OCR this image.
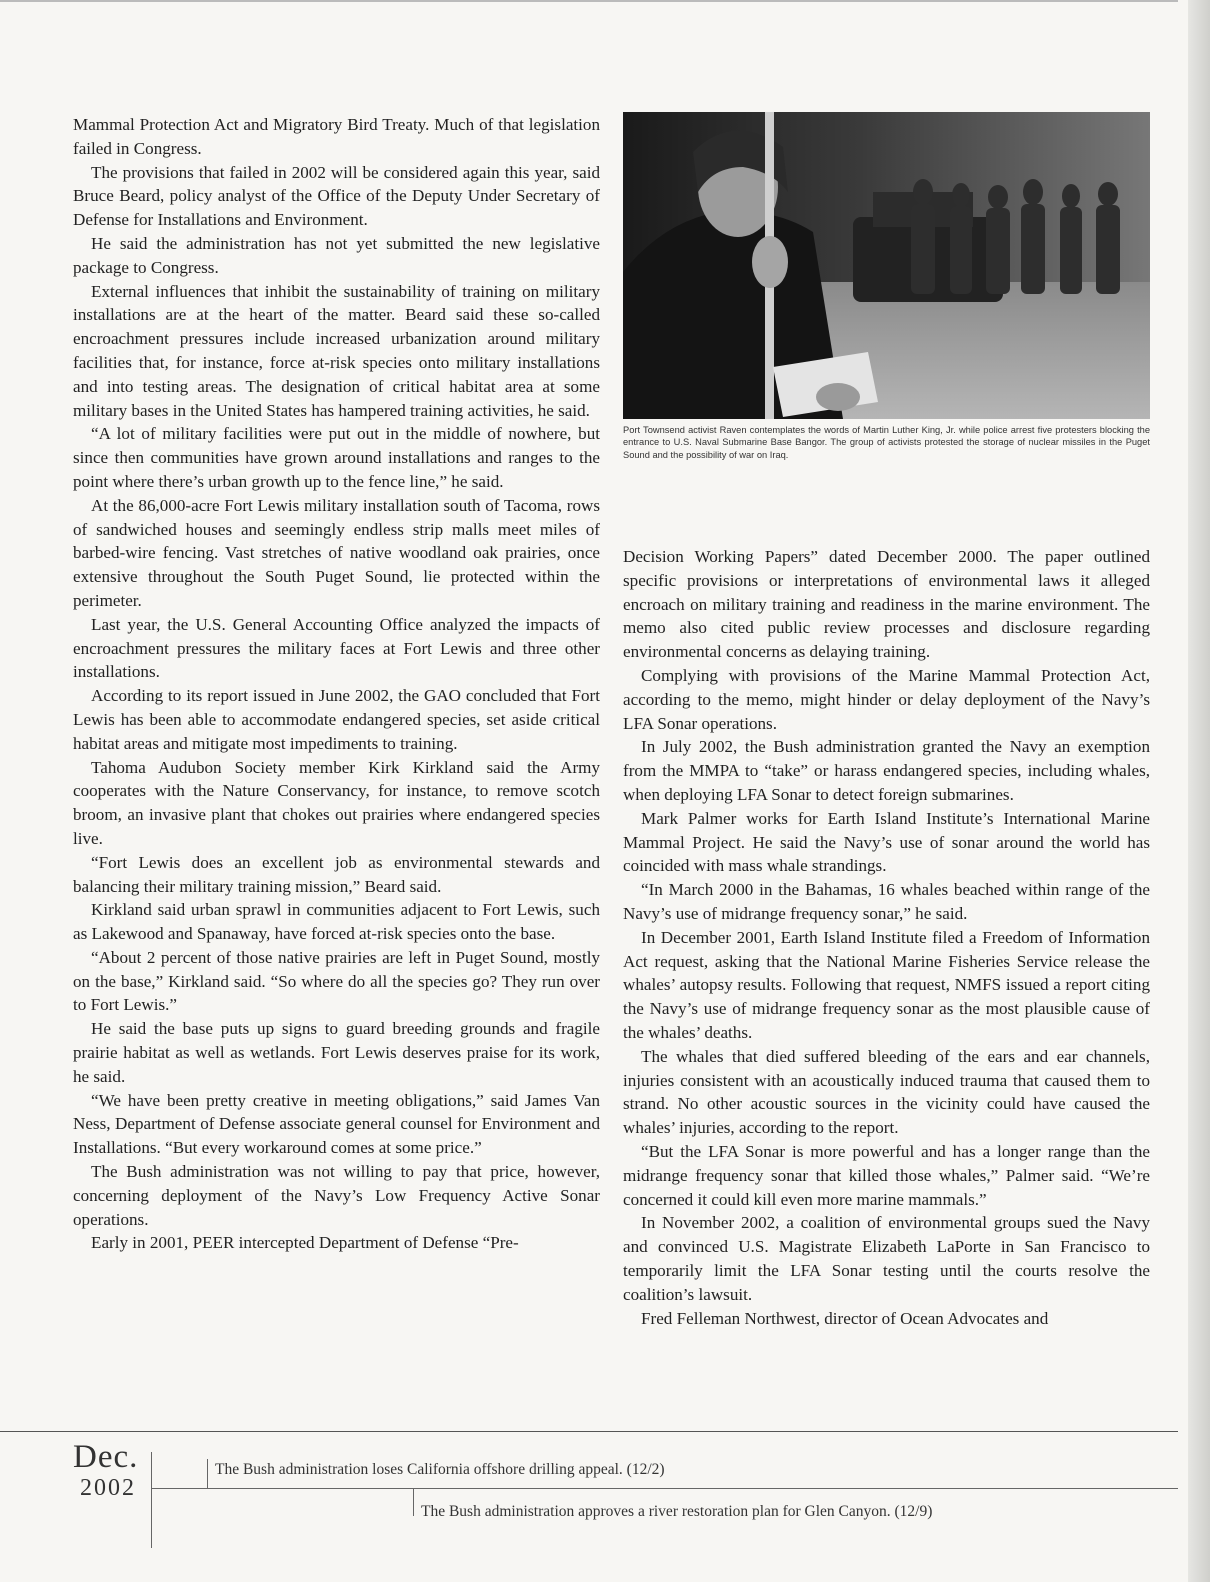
Mammal Protection Act and Migratory Bird Treaty. Much of that legislation failed in Congress.

The provisions that failed in 2002 will be considered again this year, said Bruce Beard, policy analyst of the Office of the Deputy Under Secretary of Defense for Installations and Environment.

He said the administration has not yet submitted the new legislative package to Congress.

External influences that inhibit the sustainability of training on military installations are at the heart of the matter. Beard said these so-called encroachment pressures include increased urbanization around military facilities that, for instance, force at-risk species onto military installations and into testing areas. The designation of critical habitat area at some military bases in the United States has hampered training activities, he said.

“A lot of military facilities were put out in the middle of nowhere, but since then communities have grown around installations and ranges to the point where there’s urban growth up to the fence line,” he said.

At the 86,000-acre Fort Lewis military installation south of Tacoma, rows of sandwiched houses and seemingly endless strip malls meet miles of barbed-wire fencing. Vast stretches of native woodland oak prairies, once extensive throughout the South Puget Sound, lie protected within the perimeter.

Last year, the U.S. General Accounting Office analyzed the impacts of encroachment pressures the military faces at Fort Lewis and three other installations.

According to its report issued in June 2002, the GAO concluded that Fort Lewis has been able to accommodate endangered species, set aside critical habitat areas and mitigate most impediments to training.

Tahoma Audubon Society member Kirk Kirkland said the Army cooperates with the Nature Conservancy, for instance, to remove scotch broom, an invasive plant that chokes out prairies where endangered species live.

“Fort Lewis does an excellent job as environmental stewards and balancing their military training mission,” Beard said.

Kirkland said urban sprawl in communities adjacent to Fort Lewis, such as Lakewood and Spanaway, have forced at-risk species onto the base.

“About 2 percent of those native prairies are left in Puget Sound, mostly on the base,” Kirkland said. “So where do all the species go? They run over to Fort Lewis.”

He said the base puts up signs to guard breeding grounds and fragile prairie habitat as well as wetlands. Fort Lewis deserves praise for its work, he said.

“We have been pretty creative in meeting obligations,” said James Van Ness, Department of Defense associate general counsel for Environment and Installations. “But every workaround comes at some price.”

The Bush administration was not willing to pay that price, however, concerning deployment of the Navy’s Low Frequency Active Sonar operations.

Early in 2001, PEER intercepted Department of Defense “Pre-

Port Townsend activist Raven contemplates the words of Martin Luther King, Jr. while police arrest five protesters blocking the entrance to U.S. Naval Submarine Base Bangor. The group of activists protested the storage of nuclear missiles in the Puget Sound and the possibility of war on Iraq.

Decision Working Papers” dated December 2000. The paper outlined specific provisions or interpretations of environmental laws it alleged encroach on military training and readiness in the marine environment. The memo also cited public review processes and disclosure regarding environmental concerns as delaying training.

Complying with provisions of the Marine Mammal Protection Act, according to the memo, might hinder or delay deployment of the Navy’s LFA Sonar operations.

In July 2002, the Bush administration granted the Navy an exemption from the MMPA to “take” or harass endangered species, including whales, when deploying LFA Sonar to detect foreign submarines.

Mark Palmer works for Earth Island Institute’s International Marine Mammal Project. He said the Navy’s use of sonar around the world has coincided with mass whale strandings.

“In March 2000 in the Bahamas, 16 whales beached within range of the Navy’s use of midrange frequency sonar,” he said.

In December 2001, Earth Island Institute filed a Freedom of Information Act request, asking that the National Marine Fisheries Service release the whales’ autopsy results. Following that request, NMFS issued a report citing the Navy’s use of midrange frequency sonar as the most plausible cause of the whales’ deaths.

The whales that died suffered bleeding of the ears and ear channels, injuries consistent with an acoustically induced trauma that caused them to strand. No other acoustic sources in the vicinity could have caused the whales’ injuries, according to the report.

“But the LFA Sonar is more powerful and has a longer range than the midrange frequency sonar that killed those whales,” Palmer said. “We’re concerned it could kill even more marine mammals.”

In November 2002, a coalition of environmental groups sued the Navy and convinced U.S. Magistrate Elizabeth LaPorte in San Francisco to temporarily limit the LFA Sonar testing until the courts resolve the coalition’s lawsuit.

Fred Felleman Northwest, director of Ocean Advocates and

Dec.
2002
The Bush administration loses California offshore drilling appeal. (12/2)
The Bush administration approves a river restoration plan for Glen Canyon. (12/9)
